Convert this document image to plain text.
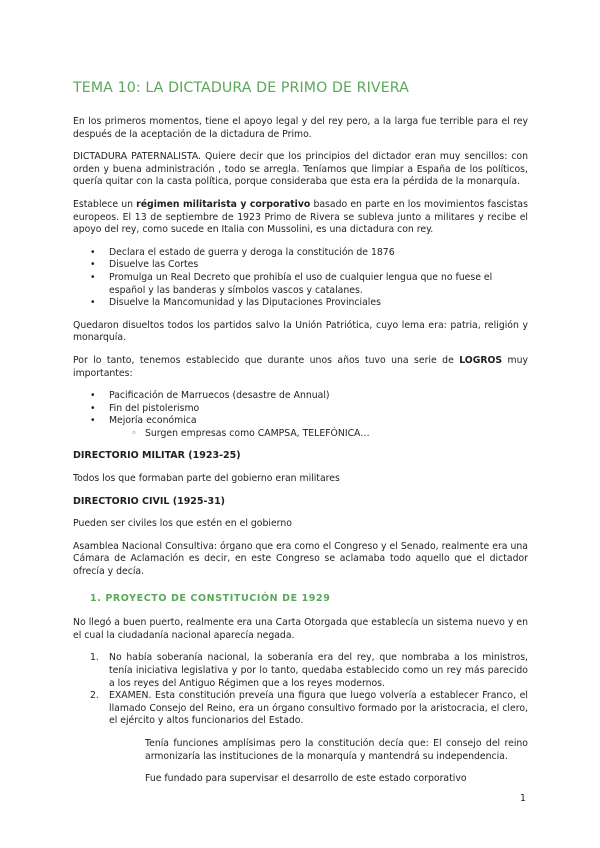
TEMA 10: LA DICTADURA DE PRIMO DE RIVERA

En los primeros momentos, tiene el apoyo legal y del rey pero, a la larga fue terrible para el rey después de la aceptación de la dictadura de Primo.

DICTADURA PATERNALISTA. Quiere decir que los principios del dictador eran muy sencillos: con orden y buena administración , todo se arregla. Teníamos que limpiar a España de los políticos, quería quitar con la casta política, porque consideraba que esta era la pérdida de la monarquía.

Establece un régimen militarista y corporativo basado en parte en los movimientos fascistas europeos. El 13 de septiembre de 1923 Primo de Rivera se subleva junto a militares y recibe el apoyo del rey, como sucede en Italia con Mussolini, es una dictadura con rey.

• Declara el estado de guerra y deroga la constitución de 1876
• Disuelve las Cortes
• Promulga un Real Decreto que prohibía el uso de cualquier lengua que no fuese el español y las banderas y símbolos vascos y catalanes.
• Disuelve la Mancomunidad y las Diputaciones Provinciales

Quedaron disueltos todos los partidos salvo la Unión Patriótica, cuyo lema era: patria, religión y monarquía.

Por lo tanto, tenemos establecido que durante unos años tuvo una serie de LOGROS muy importantes:

• Pacificación de Marruecos (desastre de Annual)
• Fin del pistolerismo
• Mejoría económica
◦ Surgen empresas como CAMPSA, TELEFÓNICA…
DIRECTORIO MILITAR (1923-25)

Todos los que formaban parte del gobierno eran militares

DIRECTORIO CIVIL (1925-31)

Pueden ser civiles los que estén en el gobierno

Asamblea Nacional Consultiva: órgano que era como el Congreso y el Senado, realmente era una Cámara de Aclamación es decir, en este Congreso se aclamaba todo aquello que el dictador ofrecía y decía.

1. PROYECTO DE CONSTITUCIÓN DE 1929

No llegó a buen puerto, realmente era una Carta Otorgada que establecía un sistema nuevo y en el cual la ciudadanía nacional aparecía negada.

1. No había soberanía nacional, la soberanía era del rey, que nombraba a los ministros, tenía iniciativa legislativa y por lo tanto, quedaba establecido como un rey más parecido a los reyes del Antiguo Régimen que a los reyes modernos.
2. EXAMEN. Esta constitución preveía una figura que luego volvería a establecer Franco, el llamado Consejo del Reino, era un órgano consultivo formado por la aristocracia, el clero, el ejército y altos funcionarios del Estado.

Tenía funciones amplísimas pero la constitución decía que: El consejo del reino armonizaría las instituciones de la monarquía y mantendrá su independencia.

Fue fundado para supervisar el desarrollo de este estado corporativo

1
